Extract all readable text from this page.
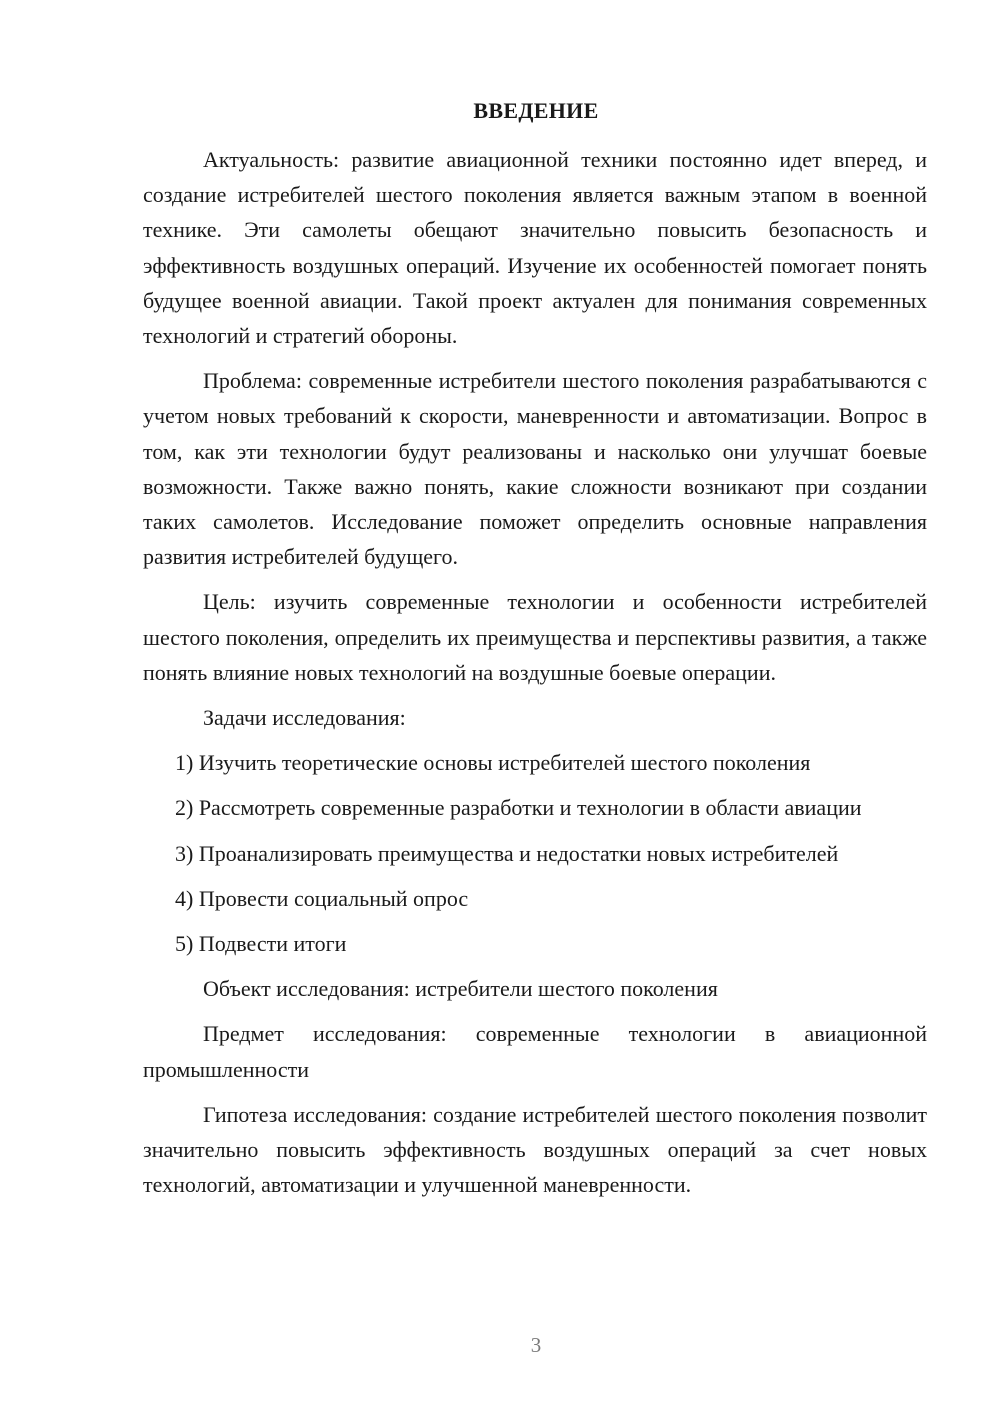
ВВЕДЕНИЕ

Актуальность: развитие авиационной техники постоянно идет вперед, и создание истребителей шестого поколения является важным этапом в военной технике. Эти самолеты обещают значительно повысить безопасность и эффективность воздушных операций. Изучение их особенностей помогает понять будущее военной авиации. Такой проект актуален для понимания современных технологий и стратегий обороны.

Проблема: современные истребители шестого поколения разрабатываются с учетом новых требований к скорости, маневренности и автоматизации. Вопрос в том, как эти технологии будут реализованы и насколько они улучшат боевые возможности. Также важно понять, какие сложности возникают при создании таких самолетов. Исследование поможет определить основные направления развития истребителей будущего.

Цель: изучить современные технологии и особенности истребителей шестого поколения, определить их преимущества и перспективы развития, а также понять влияние новых технологий на воздушные боевые операции.

Задачи исследования:

1) Изучить теоретические основы истребителей шестого поколения

2) Рассмотреть современные разработки и технологии в области авиации

3) Проанализировать преимущества и недостатки новых истребителей

4) Провести социальный опрос

5) Подвести итоги

Объект исследования: истребители шестого поколения

Предмет исследования: современные технологии в авиационной промышленности

Гипотеза исследования: создание истребителей шестого поколения позволит значительно повысить эффективность воздушных операций за счет новых технологий, автоматизации и улучшенной маневренности.

3
